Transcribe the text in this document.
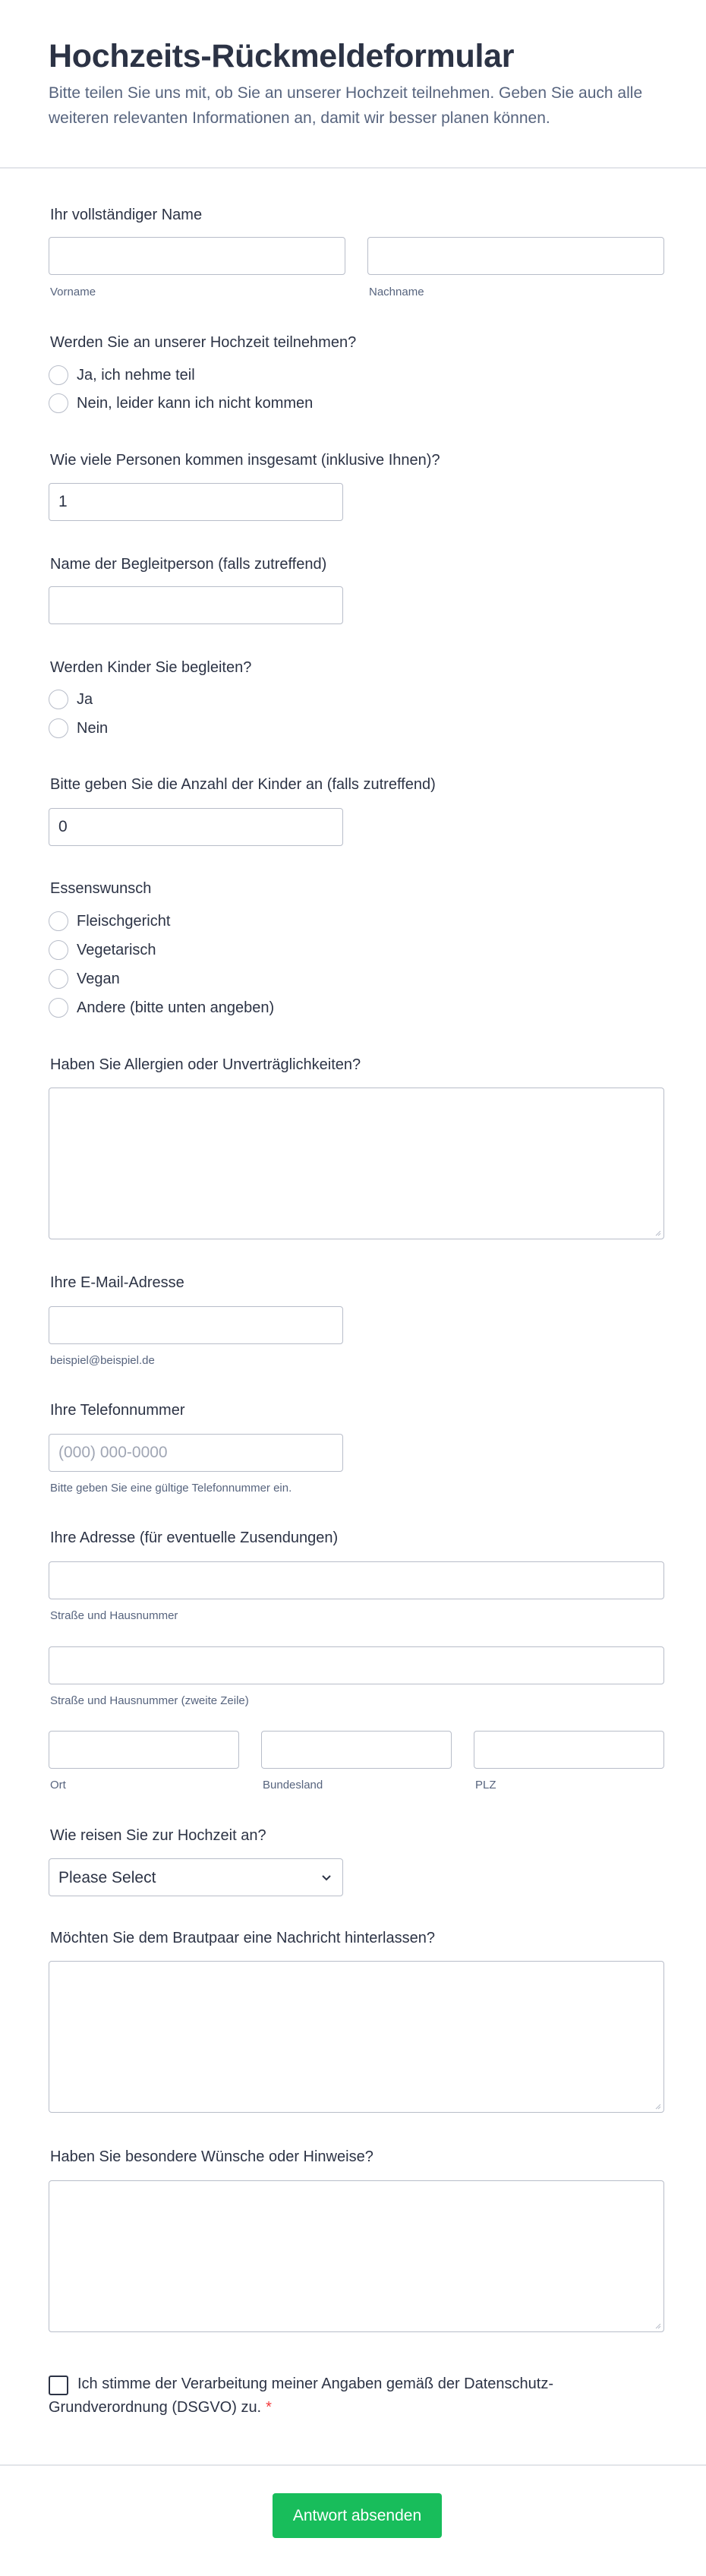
Hochzeits-Rückmeldeformular
Bitte teilen Sie uns mit, ob Sie an unserer Hochzeit teilnehmen. Geben Sie auch alle weiteren relevanten Informationen an, damit wir besser planen können.
Ihr vollständiger Name
Vorname	Nachname
Werden Sie an unserer Hochzeit teilnehmen?
Ja, ich nehme teil
Nein, leider kann ich nicht kommen
Wie viele Personen kommen insgesamt (inklusive Ihnen)?
1
Name der Begleitperson (falls zutreffend)
Werden Kinder Sie begleiten?
Ja
Nein
Bitte geben Sie die Anzahl der Kinder an (falls zutreffend)
0
Essenswunsch
Fleischgericht
Vegetarisch
Vegan
Andere (bitte unten angeben)
Haben Sie Allergien oder Unverträglichkeiten?
Ihre E-Mail-Adresse
beispiel@beispiel.de
Ihre Telefonnummer
(000) 000-0000
Bitte geben Sie eine gültige Telefonnummer ein.
Ihre Adresse (für eventuelle Zusendungen)
Straße und Hausnummer
Straße und Hausnummer (zweite Zeile)
Ort	Bundesland	PLZ
Wie reisen Sie zur Hochzeit an?
Please Select
Möchten Sie dem Brautpaar eine Nachricht hinterlassen?
Haben Sie besondere Wünsche oder Hinweise?
Ich stimme der Verarbeitung meiner Angaben gemäß der Datenschutz-Grundverordnung (DSGVO) zu. *
Antwort absenden
